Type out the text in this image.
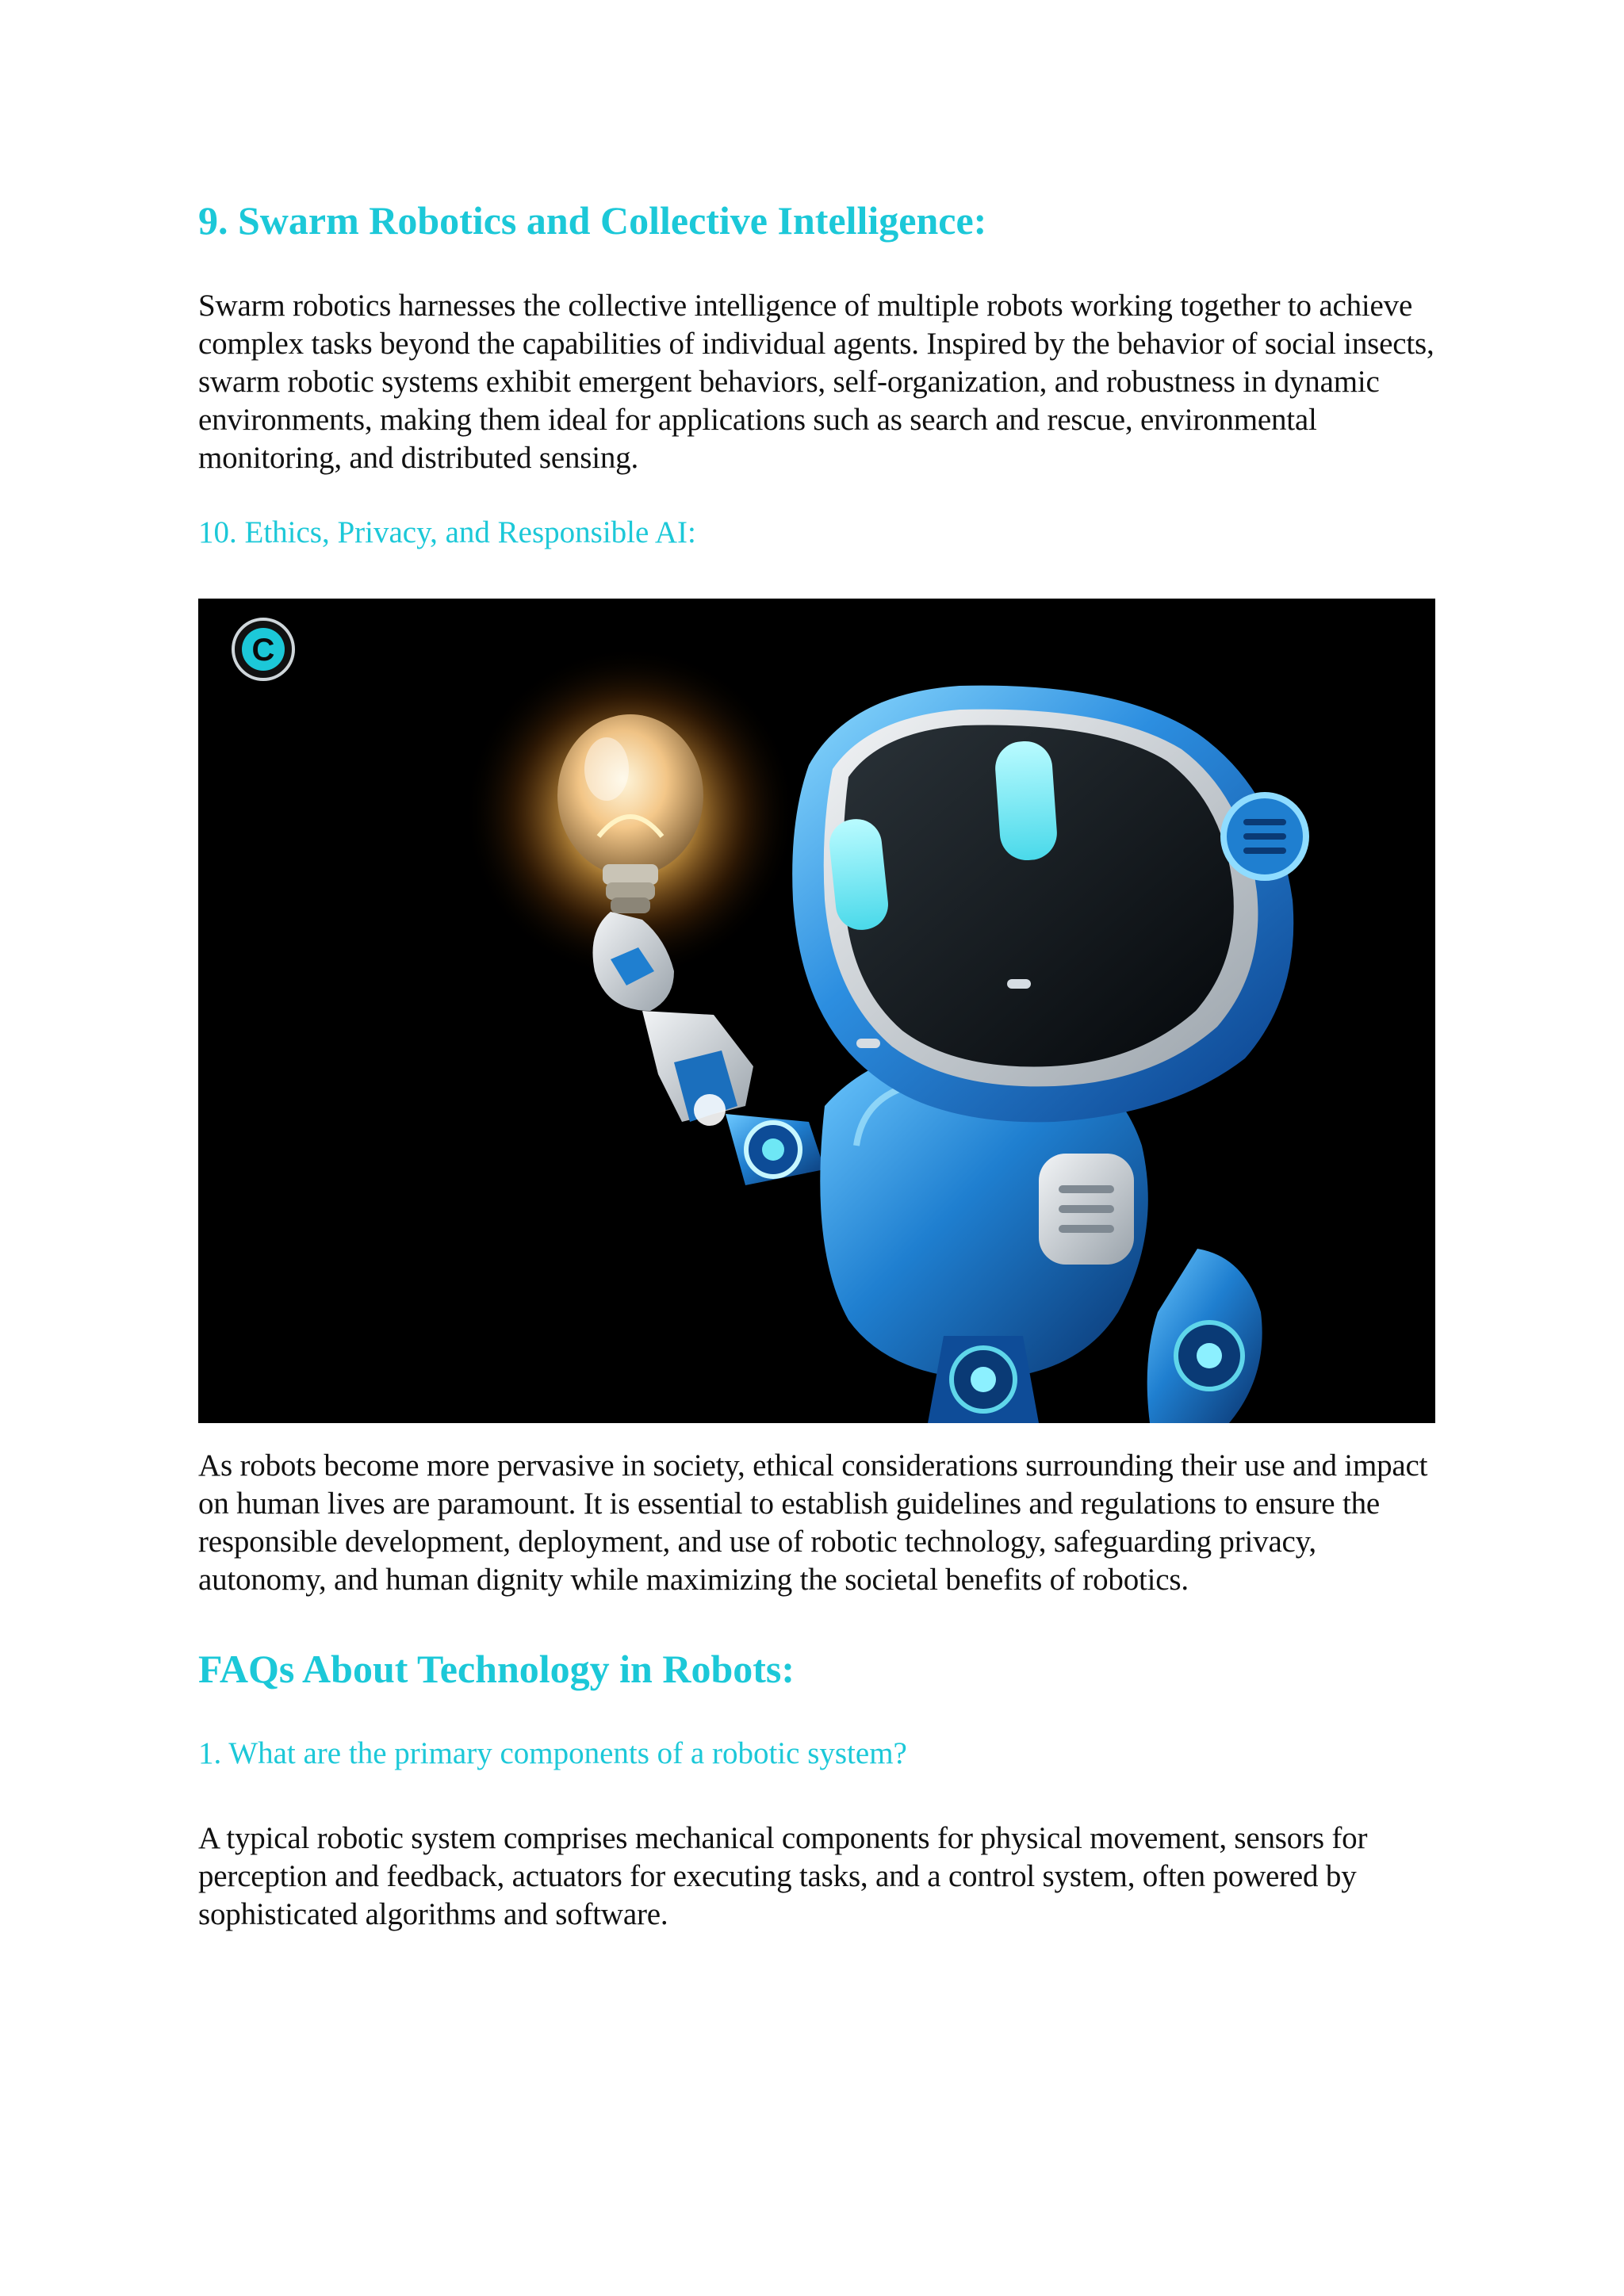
9. Swarm Robotics and Collective Intelligence:

Swarm robotics harnesses the collective intelligence of multiple robots working together to achieve complex tasks beyond the capabilities of individual agents. Inspired by the behavior of social insects, swarm robotic systems exhibit emergent behaviors, self-organization, and robustness in dynamic environments, making them ideal for applications such as search and rescue, environmental monitoring, and distributed sensing.

10. Ethics, Privacy, and Responsible AI:
C

As robots become more pervasive in society, ethical considerations surrounding their use and impact on human lives are paramount. It is essential to establish guidelines and regulations to ensure the responsible development, deployment, and use of robotic technology, safeguarding privacy, autonomy, and human dignity while maximizing the societal benefits of robotics.

FAQs About Technology in Robots:
1. What are the primary components of a robotic system?

A typical robotic system comprises mechanical components for physical movement, sensors for perception and feedback, actuators for executing tasks, and a control system, often powered by sophisticated algorithms and software.
